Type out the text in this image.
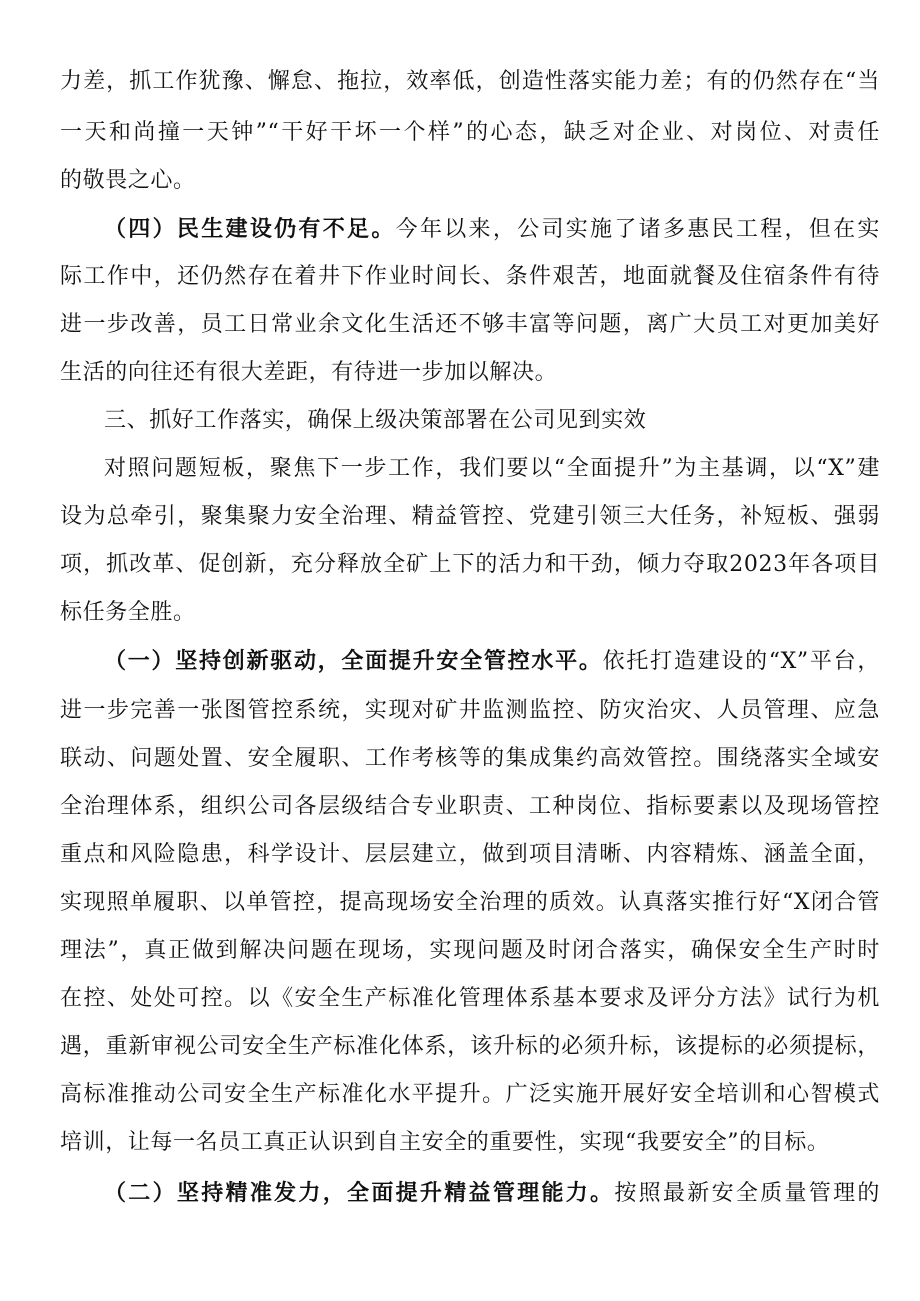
力差，抓工作犹豫、懈怠、拖拉，效率低，创造性落实能力差；有的仍然存在“当
一天和尚撞一天钟”“干好干坏一个样”的心态，缺乏对企业、对岗位、对责任
的敬畏之心。
（四）民生建设仍有不足。今年以来，公司实施了诸多惠民工程，但在实
际工作中，还仍然存在着井下作业时间长、条件艰苦，地面就餐及住宿条件有待
进一步改善，员工日常业余文化生活还不够丰富等问题，离广大员工对更加美好
生活的向往还有很大差距，有待进一步加以解决。
三、抓好工作落实，确保上级决策部署在公司见到实效
对照问题短板，聚焦下一步工作，我们要以“全面提升”为主基调，以“X”建
设为总牵引，聚集聚力安全治理、精益管控、党建引领三大任务，补短板、强弱
项，抓改革、促创新，充分释放全矿上下的活力和干劲，倾力夺取2023年各项目
标任务全胜。
（一）坚持创新驱动，全面提升安全管控水平。依托打造建设的“X”平台，
进一步完善一张图管控系统，实现对矿井监测监控、防灾治灾、人员管理、应急
联动、问题处置、安全履职、工作考核等的集成集约高效管控。围绕落实全域安
全治理体系，组织公司各层级结合专业职责、工种岗位、指标要素以及现场管控
重点和风险隐患，科学设计、层层建立，做到项目清晰、内容精炼、涵盖全面，
实现照单履职、以单管控，提高现场安全治理的质效。认真落实推行好“X闭合管
理法”，真正做到解决问题在现场，实现问题及时闭合落实，确保安全生产时时
在控、处处可控。以《安全生产标准化管理体系基本要求及评分方法》试行为机
遇，重新审视公司安全生产标准化体系，该升标的必须升标，该提标的必须提标，
高标准推动公司安全生产标准化水平提升。广泛实施开展好安全培训和心智模式
培训，让每一名员工真正认识到自主安全的重要性，实现“我要安全”的目标。
（二）坚持精准发力，全面提升精益管理能力。按照最新安全质量管理的
